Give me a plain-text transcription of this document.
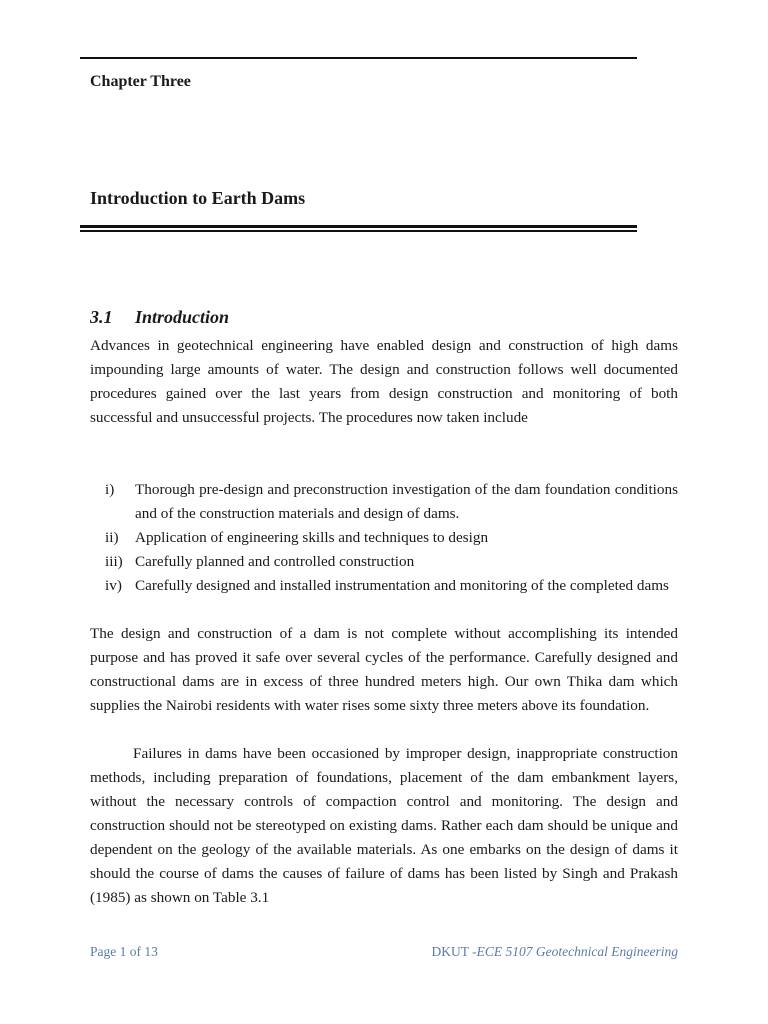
Chapter Three
Introduction to Earth Dams
3.1 Introduction
Advances in geotechnical engineering have enabled design and construction of high dams impounding large amounts of water. The design and construction follows well documented procedures gained over the last years from design construction and monitoring of both successful and unsuccessful projects. The procedures now taken include
i) Thorough pre-design and preconstruction investigation of the dam foundation conditions and of the construction materials and design of dams.
ii) Application of engineering skills and techniques to design
iii) Carefully planned and controlled construction
iv) Carefully designed and installed instrumentation and monitoring of the completed dams
The design and construction of a dam is not complete without accomplishing its intended purpose and has proved it safe over several cycles of the performance. Carefully designed and constructional dams are in excess of three hundred meters high. Our own Thika dam which supplies the Nairobi residents with water rises some sixty three meters above its foundation.
Failures in dams have been occasioned by improper design, inappropriate construction methods, including preparation of foundations, placement of the dam embankment layers, without the necessary controls of compaction control and monitoring. The design and construction should not be stereotyped on existing dams. Rather each dam should be unique and dependent on the geology of the available materials. As one embarks on the design of dams it should the course of dams the causes of failure of dams has been listed by Singh and Prakash (1985) as shown on Table 3.1
Page 1 of 13	DKUT -ECE 5107 Geotechnical Engineering
